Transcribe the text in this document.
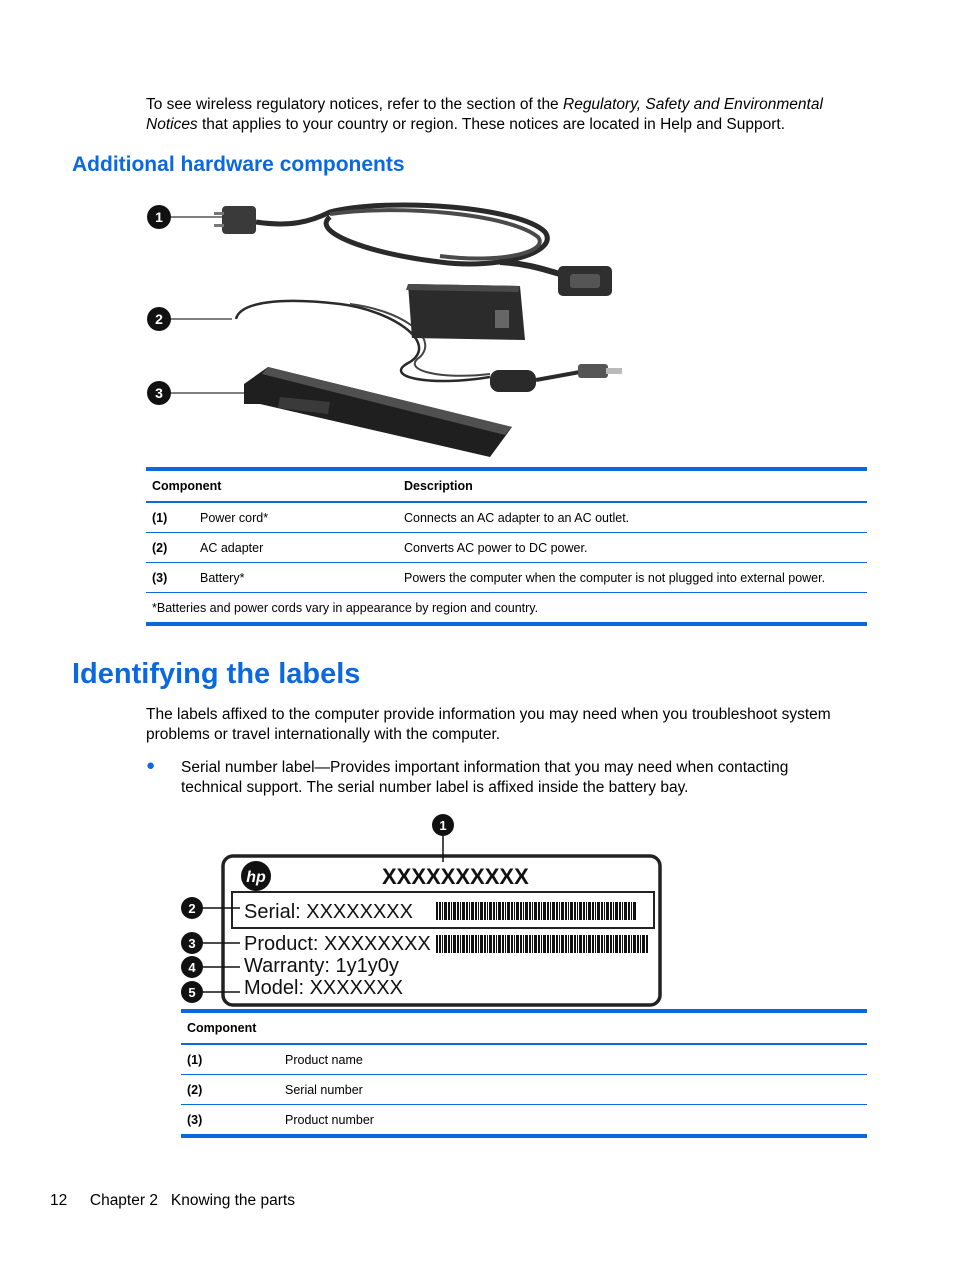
To see wireless regulatory notices, refer to the section of the Regulatory, Safety and Environmental
Notices that applies to your country or region. These notices are located in Help and Support.
Additional hardware components
1
2
3
Component		Description
(1)	Power cord*	Connects an AC adapter to an AC outlet.
(2)	AC adapter	Converts AC power to DC power.
(3)	Battery*	Powers the computer when the computer is not plugged into external power.
*Batteries and power cords vary in appearance by region and country.		
Identifying the labels
The labels affixed to the computer provide information you may need when you troubleshoot system problems or travel internationally with the computer.
● Serial number label—Provides important information that you may need when contacting technical support. The serial number label is affixed inside the battery bay.
hp	XXXXXXXXXX
Serial: XXXXXXXX
Product: XXXXXXXX
Warranty: 1y1y0y
Model: XXXXXXX
1
2
3
4
5
Component	
(1)	Product name
(2)	Serial number
(3)	Product number
12 Chapter 2   Knowing the parts
